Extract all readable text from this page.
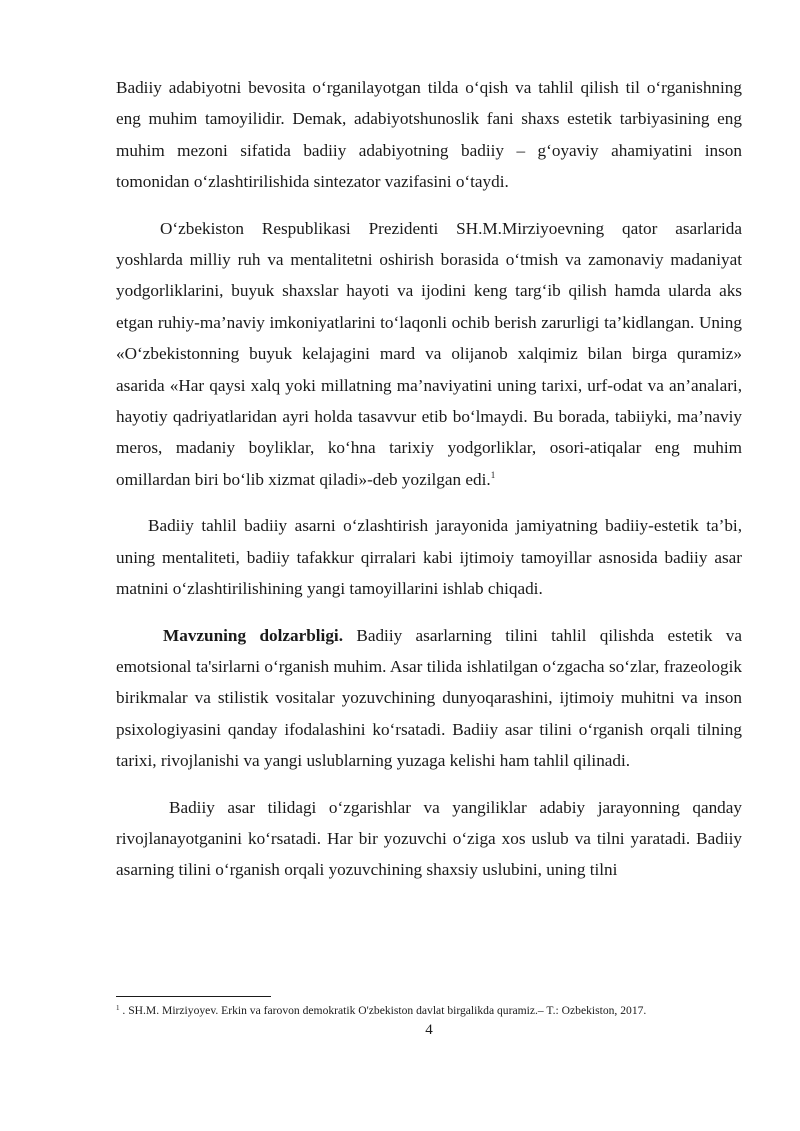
Badiiy adabiyotni bevosita o‘rganilayotgan tilda o‘qish va tahlil qilish til o‘rganishning eng muhim tamoyilidir. Demak, adabiyotshunoslik fani shaxs estetik tarbiyasining eng muhim mezoni sifatida badiiy adabiyotning badiiy – g‘oyaviy ahamiyatini inson tomonidan o‘zlashtirilishida sintezator vazifasini o‘taydi.

O‘zbekiston Respublikasi Prezidenti SH.M.Mirziyoevning qator asarlarida yoshlarda milliy ruh va mentalitetni oshirish borasida o‘tmish va zamonaviy madaniyat yodgorliklarini, buyuk shaxslar hayoti va ijodini keng targ‘ib qilish hamda ularda aks etgan ruhiy-ma’naviy imkoniyatlarini to‘laqonli ochib berish zarurligi ta’kidlangan. Uning «O‘zbekistonning buyuk kelajagini mard va olijanob xalqimiz bilan birga quramiz» asarida «Har qaysi xalq yoki millatning ma’naviyatini uning tarixi, urf-odat va an’analari, hayotiy qadriyatlaridan ayri holda tasavvur etib bo‘lmaydi. Bu borada, tabiiyki, ma’naviy meros, madaniy boyliklar, ko‘hna tarixiy yodgorliklar, osori-atiqalar eng muhim omillardan biri bo‘lib xizmat qiladi»-deb yozilgan edi.$^1$

Badiiy tahlil badiiy asarni o‘zlashtirish jarayonida jamiyatning badiiy-estetik ta’bi, uning mentaliteti, badiiy tafakkur qirralari kabi ijtimoiy tamoyillar asnosida badiiy asar matnini o‘zlashtirilishining yangi tamoyillarini ishlab chiqadi.

Mavzuning dolzarbligi. Badiiy asarlarning tilini tahlil qilishda estetik va emotsional ta'sirlarni o‘rganish muhim. Asar tilida ishlatilgan o‘zgacha so‘zlar, frazeologik birikmalar va stilistik vositalar yozuvchining dunyoqarashini, ijtimoiy muhitni va inson psixologiyasini qanday ifodalashini ko‘rsatadi. Badiiy asar tilini o‘rganish orqali tilning tarixi, rivojlanishi va yangi uslublarning yuzaga kelishi ham tahlil qilinadi.

Badiiy asar tilidagi o‘zgarishlar va yangiliklar adabiy jarayonning qanday rivojlanayotganini ko‘rsatadi. Har bir yozuvchi o‘ziga xos uslub va tilni yaratadi. Badiiy asarning tilini o‘rganish orqali yozuvchining shaxsiy uslubini, uning tilni

$^1$ . SH.M. Mirziyoyev. Erkin va farovon demokratik O'zbekiston davlat birgalikda quramiz.– T.: Ozbekiston, 2017.
4
